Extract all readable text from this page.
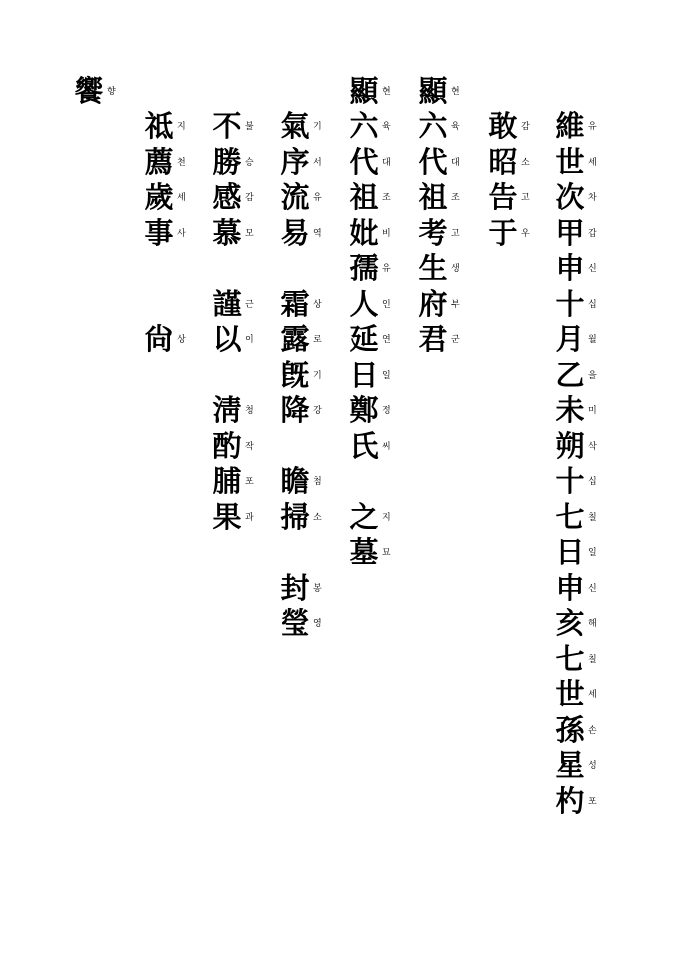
維 유
世 세
次 차
甲 갑
申 신
十 십
月 월
乙 을
未 미
朔 삭
十 십
七 칠
日 일
申 신
亥 해
七 칠
世 세
孫 손
星 성
杓 포
敢 감
昭 소
告 고
于 우
顯 현
六 육
代 대
祖 조
考 고
生 생
府 부
君 군
顯 현
六 육
代 대
祖 조
妣 비
孺 유
人 인
延 연
日 일
鄭 정
氏 씨
之 지
墓 묘
氣 기
序 서
流 유
易 역
霜 상
露 로
旣 기
降 강
瞻 첨
掃 소
封 봉
瑩 영
不 불
勝 승
感 감
慕 모
謹 근
以 이
淸 청
酌 작
脯 포
果 과
祗 지
薦 천
歲 세
事 사
尙 상
饗 향
